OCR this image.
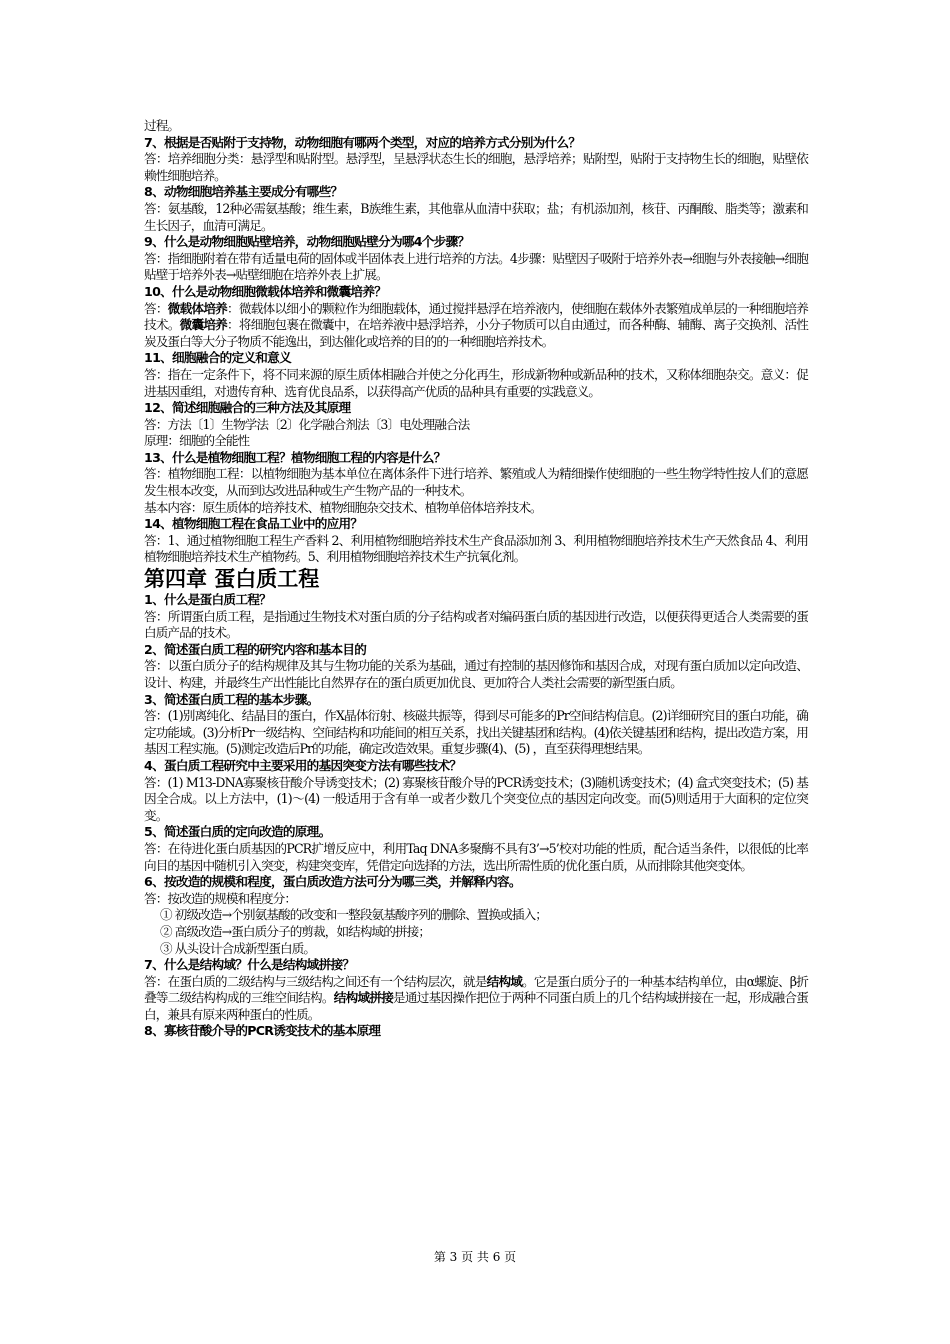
过程。

7、根据是否贴附于支持物，动物细胞有哪两个类型，对应的培养方式分别为什么？

答：培养细胞分类：悬浮型和贴附型。悬浮型，呈悬浮状态生长的细胞，悬浮培养；贴附型，贴附于支持物生长的细胞，贴壁依赖性细胞培养。

8、动物细胞培养基主要成分有哪些？

答：氨基酸，12种必需氨基酸；维生素，B族维生素，其他靠从血清中获取；盐；有机添加剂，核苷、丙酮酸、脂类等；激素和生长因子，血清可满足。

9、什么是动物细胞贴壁培养，动物细胞贴壁分为哪4个步骤？

答：指细胞附着在带有适量电荷的固体或半固体表上进行培养的方法。4步骤：贴壁因子吸附于培养外表→细胞与外表接触→细胞贴壁于培养外表→贴壁细胞在培养外表上扩展。

10、什么是动物细胞微载体培养和微囊培养？

答：微载体培养：微载体以细小的颗粒作为细胞载体，通过搅拌悬浮在培养液内，使细胞在载体外表繁殖成单层的一种细胞培养技术。微囊培养：将细胞包裹在微囊中，在培养液中悬浮培养，小分子物质可以自由通过，而各种酶、辅酶、离子交换剂、活性炭及蛋白等大分子物质不能逸出，到达催化或培养的目的的一种细胞培养技术。

11、细胞融合的定义和意义

答：指在一定条件下，将不同来源的原生质体相融合并使之分化再生，形成新物种或新品种的技术，又称体细胞杂交。意义：促进基因重组，对遗传育种、选育优良品系，以获得高产优质的品种具有重要的实践意义。

12、简述细胞融合的三种方法及其原理

答：方法〔1〕生物学法〔2〕化学融合剂法〔3〕电处理融合法

原理：细胞的全能性

13、什么是植物细胞工程？植物细胞工程的内容是什么？

答：植物细胞工程：以植物细胞为基本单位在离体条件下进行培养、繁殖或人为精细操作使细胞的一些生物学特性按人们的意愿发生根本改变，从而到达改进品种或生产生物产品的一种技术。

基本内容：原生质体的培养技术、植物细胞杂交技术、植物单倍体培养技术。

14、植物细胞工程在食品工业中的应用？

答：1、通过植物细胞工程生产香料 2、利用植物细胞培养技术生产食品添加剂 3、利用植物细胞培养技术生产天然食品 4、利用植物细胞培养技术生产植物药。5、利用植物细胞培养技术生产抗氧化剂。

第四章 蛋白质工程

1、什么是蛋白质工程？

答：所谓蛋白质工程，是指通过生物技术对蛋白质的分子结构或者对编码蛋白质的基因进行改造，以便获得更适合人类需要的蛋白质产品的技术。

2、简述蛋白质工程的研究内容和基本目的

答：以蛋白质分子的结构规律及其与生物功能的关系为基础，通过有控制的基因修饰和基因合成，对现有蛋白质加以定向改造、设计、构建，并最终生产出性能比自然界存在的蛋白质更加优良、更加符合人类社会需要的新型蛋白质。

3、简述蛋白质工程的基本步骤。

答：(1)别离纯化、结晶目的蛋白，作X晶体衍射、核磁共振等，得到尽可能多的Pr空间结构信息。(2)详细研究目的蛋白功能，确定功能域。(3)分析Pr一级结构、空间结构和功能间的相互关系，找出关键基团和结构。(4)依关键基团和结构，提出改造方案，用基因工程实施。(5)测定改造后Pr的功能，确定改造效果。重复步骤(4)、(5) ，直至获得理想结果。

4、蛋白质工程研究中主要采用的基因突变方法有哪些技术？

答：(1) M13-DNA寡聚核苷酸介导诱变技术；(2) 寡聚核苷酸介导的PCR诱变技术；(3)随机诱变技术；(4) 盒式突变技术；(5) 基因全合成。以上方法中，(1)～(4) 一般适用于含有单一或者少数几个突变位点的基因定向改变。而(5)则适用于大面积的定位突变。

5、简述蛋白质的定向改造的原理。

答：在待进化蛋白质基因的PCR扩增反应中，利用Taq DNA多聚酶不具有3’→5’校对功能的性质，配合适当条件，以很低的比率向目的基因中随机引入突变，构建突变库，凭借定向选择的方法，选出所需性质的优化蛋白质，从而排除其他突变体。

6、按改造的规模和程度，蛋白质改造方法可分为哪三类，并解释内容。

答：按改造的规模和程度分：

① 初级改造→个别氨基酸的改变和一整段氨基酸序列的删除、置换或插入；

② 高级改造→蛋白质分子的剪裁，如结构域的拼接；

③ 从头设计合成新型蛋白质。

7、什么是结构域？什么是结构域拼接？

答：在蛋白质的二级结构与三级结构之间还有一个结构层次，就是结构域。它是蛋白质分子的一种基本结构单位，由α螺旋、β折叠等二级结构构成的三维空间结构。结构域拼接是通过基因操作把位于两种不同蛋白质上的几个结构域拼接在一起，形成融合蛋白，兼具有原来两种蛋白的性质。

8、寡核苷酸介导的PCR诱变技术的基本原理

第 3 页 共 6 页
